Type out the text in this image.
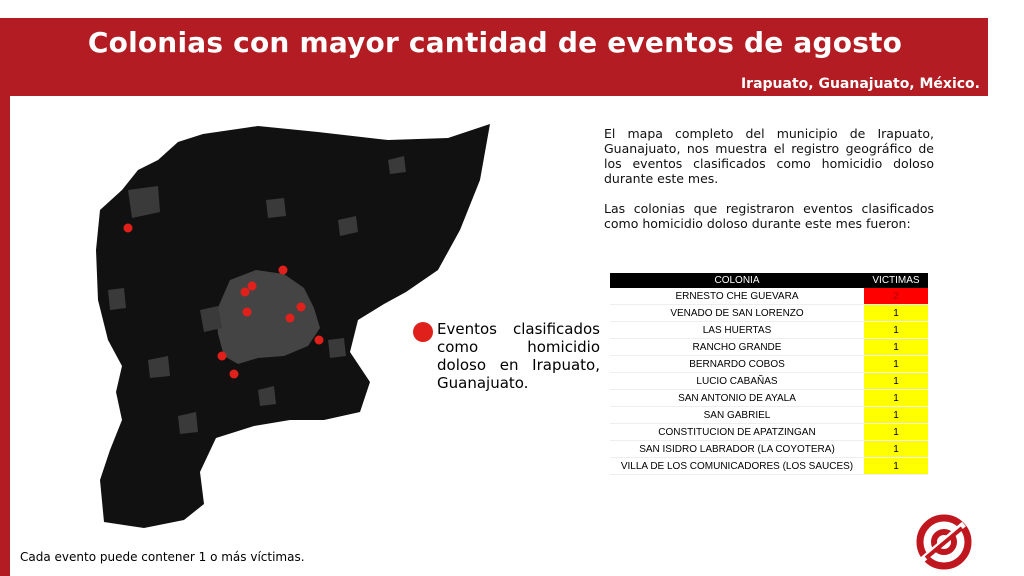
Colonias con mayor cantidad de eventos de agosto
Irapuato, Guanajuato, México.
Eventos clasificados como homicidio doloso en Irapuato, Guanajuato.

El mapa completo del municipio de Irapuato, Guanajuato, nos muestra el registro geográfico de los eventos clasificados como homicidio doloso durante este mes.

Las colonias que registraron eventos clasificados como homicidio doloso durante este mes fueron:

COLONIA	VICTIMAS
ERNESTO CHE GUEVARA	2
VENADO DE SAN LORENZO	1
LAS HUERTAS	1
RANCHO GRANDE	1
BERNARDO COBOS	1
LUCIO CABAÑAS	1
SAN ANTONIO DE AYALA	1
SAN GABRIEL	1
CONSTITUCION DE APATZINGAN	1
SAN ISIDRO LABRADOR (LA COYOTERA)	1
VILLA DE LOS COMUNICADORES (LOS SAUCES)	1
Cada evento puede contener 1 o más víctimas.
